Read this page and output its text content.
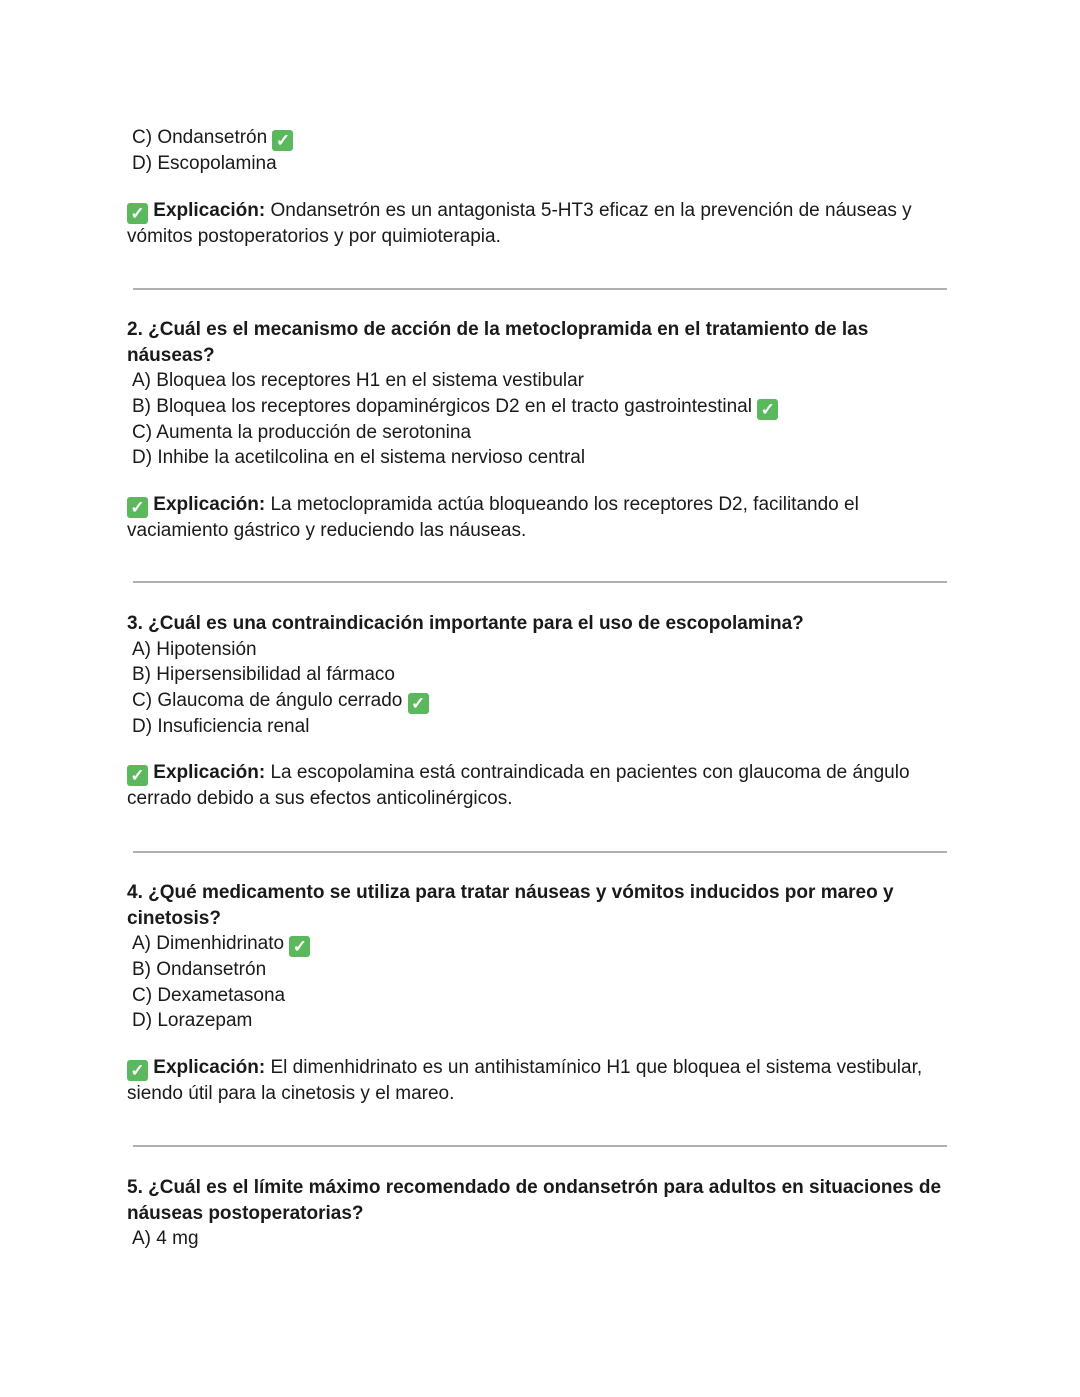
C) Ondansetrón ✓
D) Escopolamina
✓ Explicación: Ondansetrón es un antagonista 5-HT3 eficaz en la prevención de náuseas y vómitos postoperatorios y por quimioterapia.
2. ¿Cuál es el mecanismo de acción de la metoclopramida en el tratamiento de las náuseas?
A) Bloquea los receptores H1 en el sistema vestibular
B) Bloquea los receptores dopaminérgicos D2 en el tracto gastrointestinal ✓
C) Aumenta la producción de serotonina
D) Inhibe la acetilcolina en el sistema nervioso central
✓ Explicación: La metoclopramida actúa bloqueando los receptores D2, facilitando el vaciamiento gástrico y reduciendo las náuseas.
3. ¿Cuál es una contraindicación importante para el uso de escopolamina?
A) Hipotensión
B) Hipersensibilidad al fármaco
C) Glaucoma de ángulo cerrado ✓
D) Insuficiencia renal
✓ Explicación: La escopolamina está contraindicada en pacientes con glaucoma de ángulo cerrado debido a sus efectos anticolinérgicos.
4. ¿Qué medicamento se utiliza para tratar náuseas y vómitos inducidos por mareo y cinetosis?
A) Dimenhidrinato ✓
B) Ondansetrón
C) Dexametasona
D) Lorazepam
✓ Explicación: El dimenhidrinato es un antihistamínico H1 que bloquea el sistema vestibular, siendo útil para la cinetosis y el mareo.
5. ¿Cuál es el límite máximo recomendado de ondansetrón para adultos en situaciones de náuseas postoperatorias?
A) 4 mg
